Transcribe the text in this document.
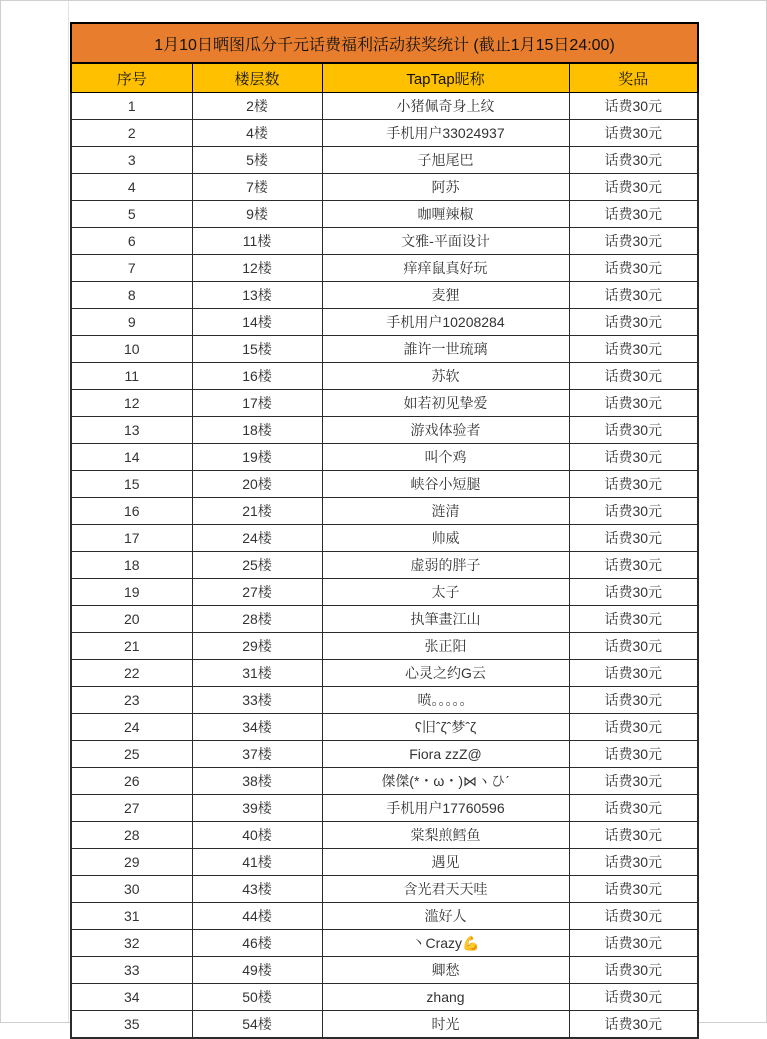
1月10日晒图瓜分千元话费福利活动获奖统计 (截止1月15日24:00)			
序号	楼层数	TapTap昵称	奖品
1	2楼	小猪佩奇身上纹	话费30元
2	4楼	手机用户33024937	话费30元
3	5楼	子旭尾巴	话费30元
4	7楼	阿苏	话费30元
5	9楼	咖喱辣椒	话费30元
6	11楼	文雅-平面设计	话费30元
7	12楼	痒痒鼠真好玩	话费30元
8	13楼	麦狸	话费30元
9	14楼	手机用户10208284	话费30元
10	15楼	誰许一世琉璃	话费30元
11	16楼	苏软	话费30元
12	17楼	如若初见挚爱	话费30元
13	18楼	游戏体验者	话费30元
14	19楼	叫个鸡	话费30元
15	20楼	峡谷小短腿	话费30元
16	21楼	涟清	话费30元
17	24楼	帅威	话费30元
18	25楼	虚弱的胖子	话费30元
19	27楼	太子	话费30元
20	28楼	执筆畫江山	话费30元
21	29楼	张正阳	话费30元
22	31楼	心灵之约G云	话费30元
23	33楼	喷。。。。。	话费30元
24	34楼	ʕ旧ˆζˆ梦ˆζ	话费30元
25	37楼	Fiora zzZ@	话费30元
26	38楼	傑傑(*・ω・)⋈ヽひˊ	话费30元
27	39楼	手机用户17760596	话费30元
28	40楼	棠梨煎鳕鱼	话费30元
29	41楼	遇见	话费30元
30	43楼	含光君天天哇	话费30元
31	44楼	滥好人	话费30元
32	46楼	丶Crazy💪	话费30元
33	49楼	卿愁	话费30元
34	50楼	zhang	话费30元
35	54楼	时光	话费30元
